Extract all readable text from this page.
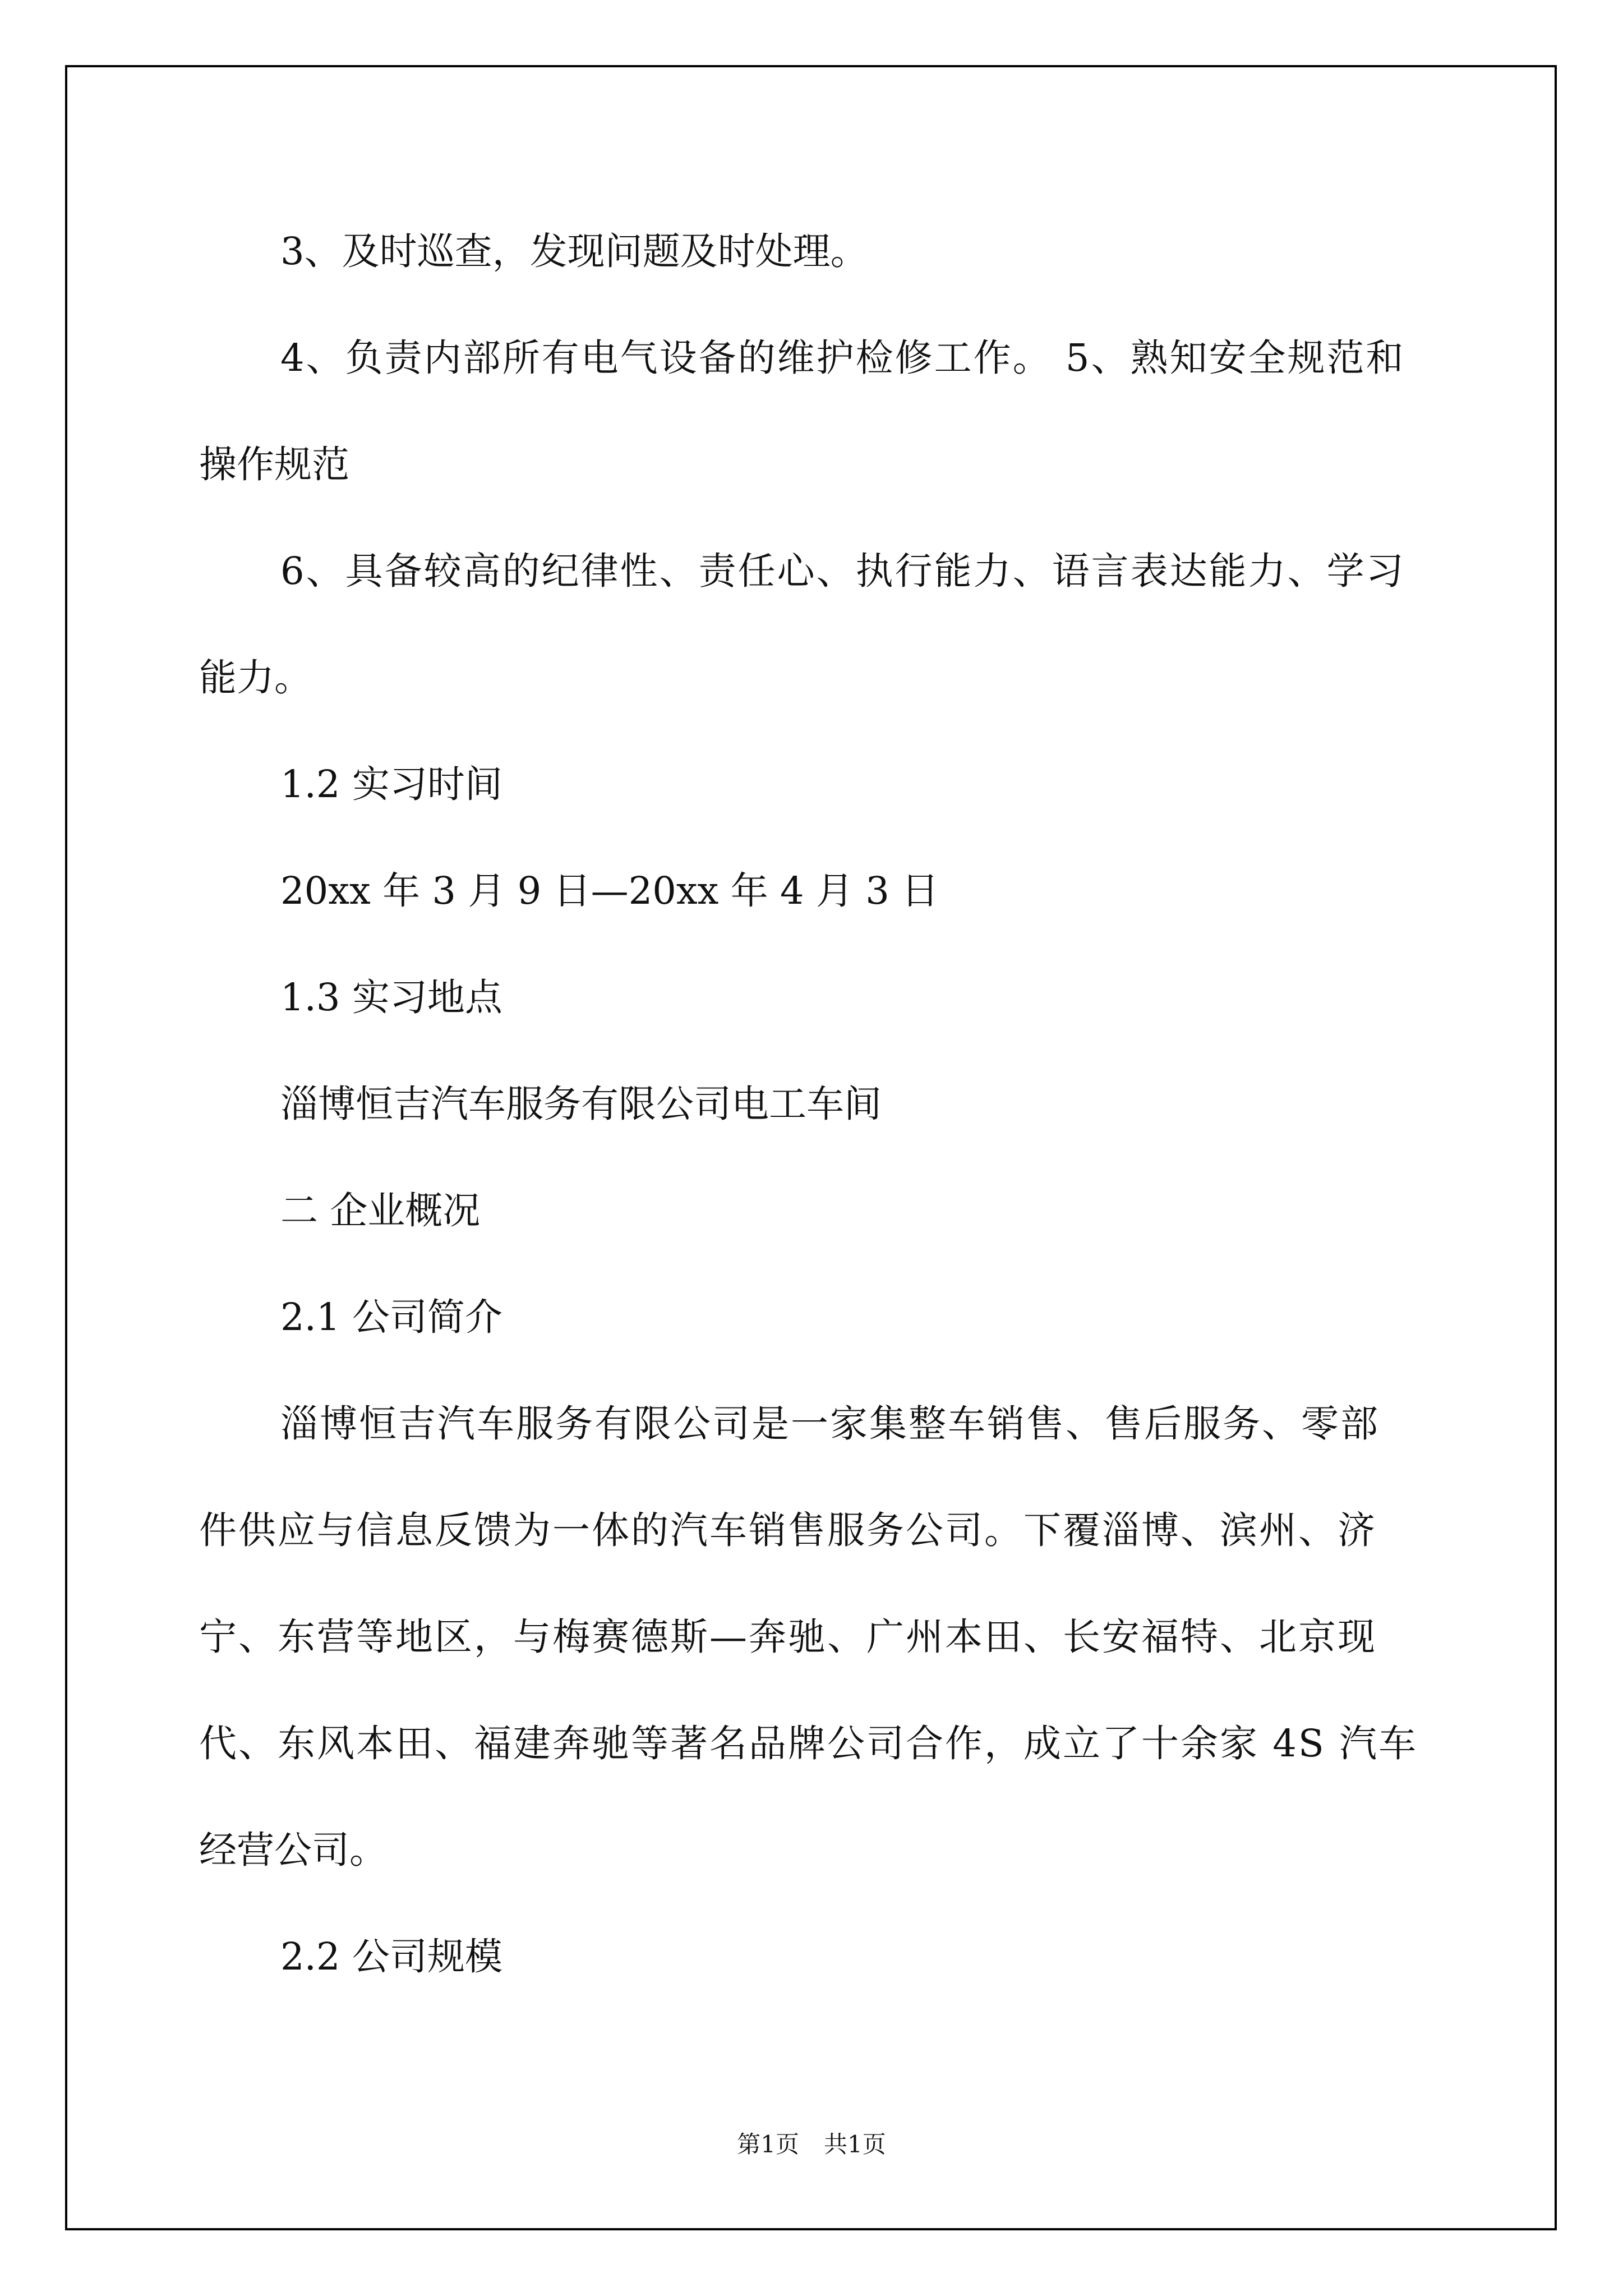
3、及时巡查，发现问题及时处理。
4、负责内部所有电气设备的维护检修工作。 5、熟知安全规范和
操作规范
6、具备较高的纪律性、责任心、执行能力、语言表达能力、学习
能力。
1.2 实习时间
20xx 年 3 月 9 日—20xx 年 4 月 3 日
1.3 实习地点
淄博恒吉汽车服务有限公司电工车间
二 企业概况
2.1 公司简介
淄博恒吉汽车服务有限公司是一家集整车销售、售后服务、零部
件供应与信息反馈为一体的汽车销售服务公司。下覆淄博、滨州、济
宁、东营等地区，与梅赛德斯—奔驰、广州本田、长安福特、北京现
代、东风本田、福建奔驰等著名品牌公司合作，成立了十余家 4S 汽车
经营公司。
2.2 公司规模
第1页 共1页
